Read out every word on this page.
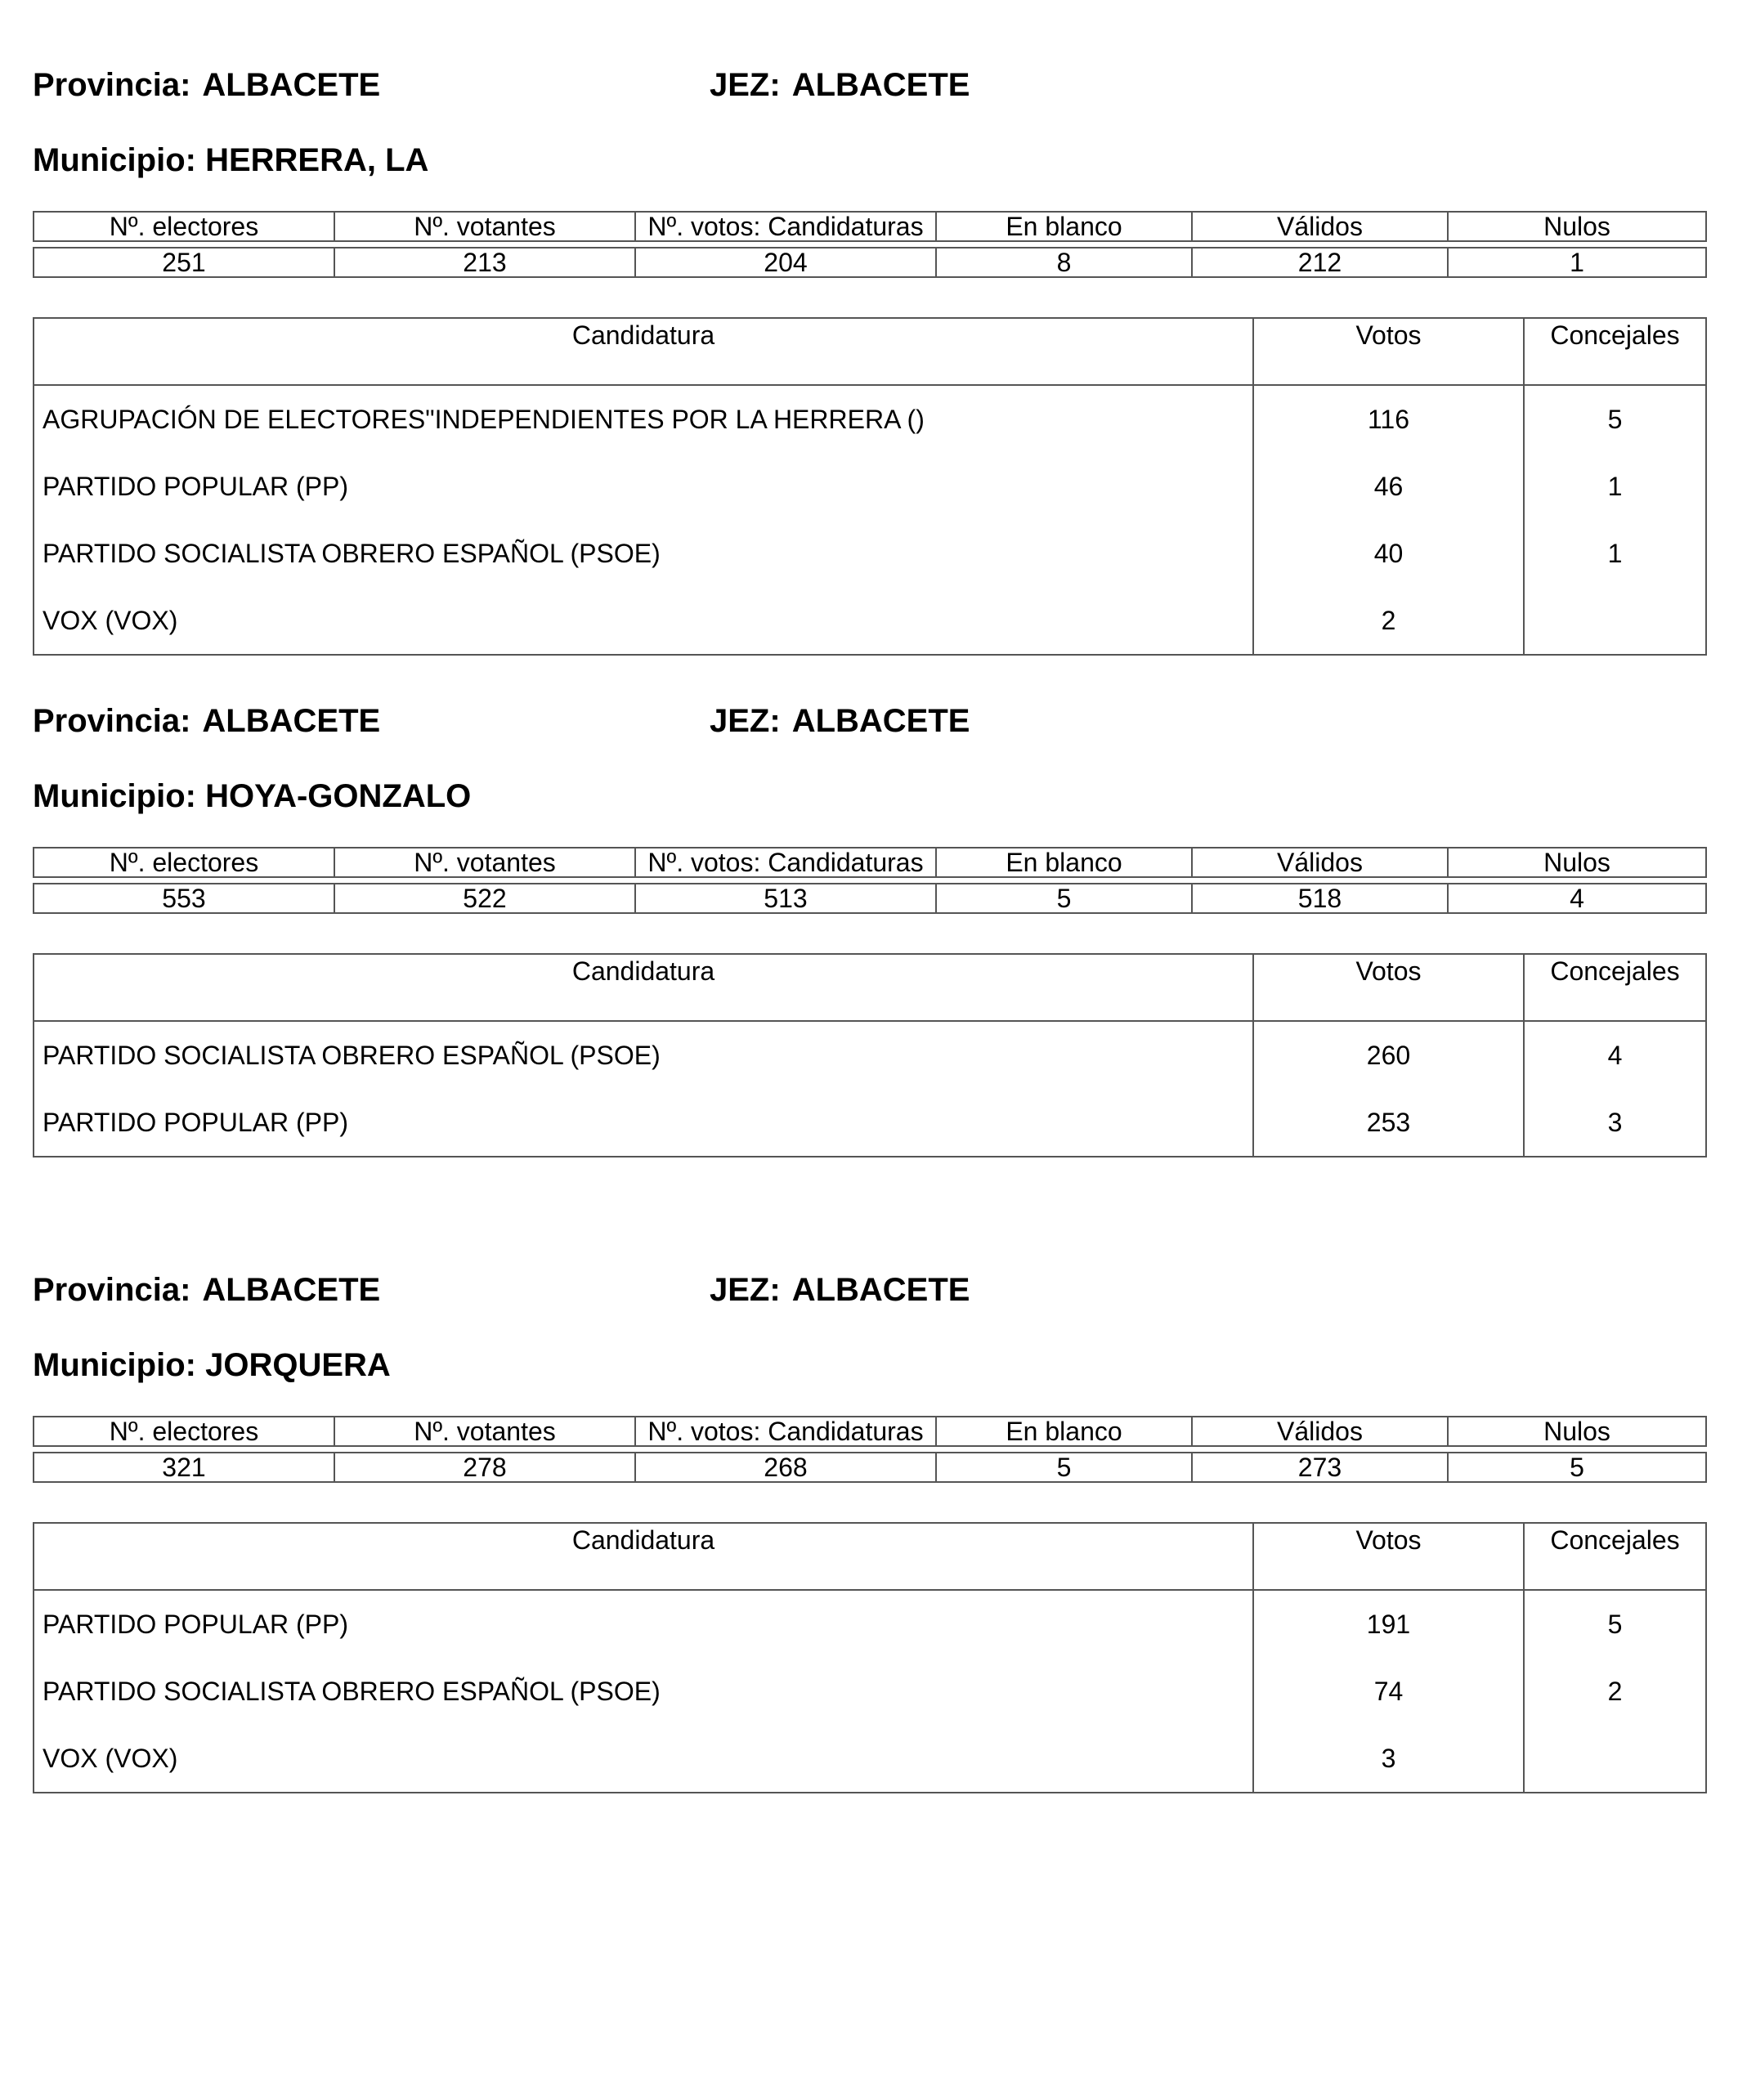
Provincia: ALBACETE	JEZ: ALBACETE
Municipio: HERRERA, LA
Nº. electores	Nº. votantes	Nº. votos: Candidaturas	En blanco	Válidos	Nulos
251	213	204	8	212	1
Candidatura	Votos	Concejales
AGRUPACIÓN DE ELECTORES"INDEPENDIENTES POR LA HERRERA ()	116	5
PARTIDO POPULAR (PP)	46	1
PARTIDO SOCIALISTA OBRERO ESPAÑOL (PSOE)	40	1
VOX (VOX)	2	
Provincia: ALBACETE	JEZ: ALBACETE
Municipio: HOYA-GONZALO
Nº. electores	Nº. votantes	Nº. votos: Candidaturas	En blanco	Válidos	Nulos
553	522	513	5	518	4
Candidatura	Votos	Concejales
PARTIDO SOCIALISTA OBRERO ESPAÑOL (PSOE)	260	4
PARTIDO POPULAR (PP)	253	3
Provincia: ALBACETE	JEZ: ALBACETE
Municipio: JORQUERA
Nº. electores	Nº. votantes	Nº. votos: Candidaturas	En blanco	Válidos	Nulos
321	278	268	5	273	5
Candidatura	Votos	Concejales
PARTIDO POPULAR (PP)	191	5
PARTIDO SOCIALISTA OBRERO ESPAÑOL (PSOE)	74	2
VOX (VOX)	3	
